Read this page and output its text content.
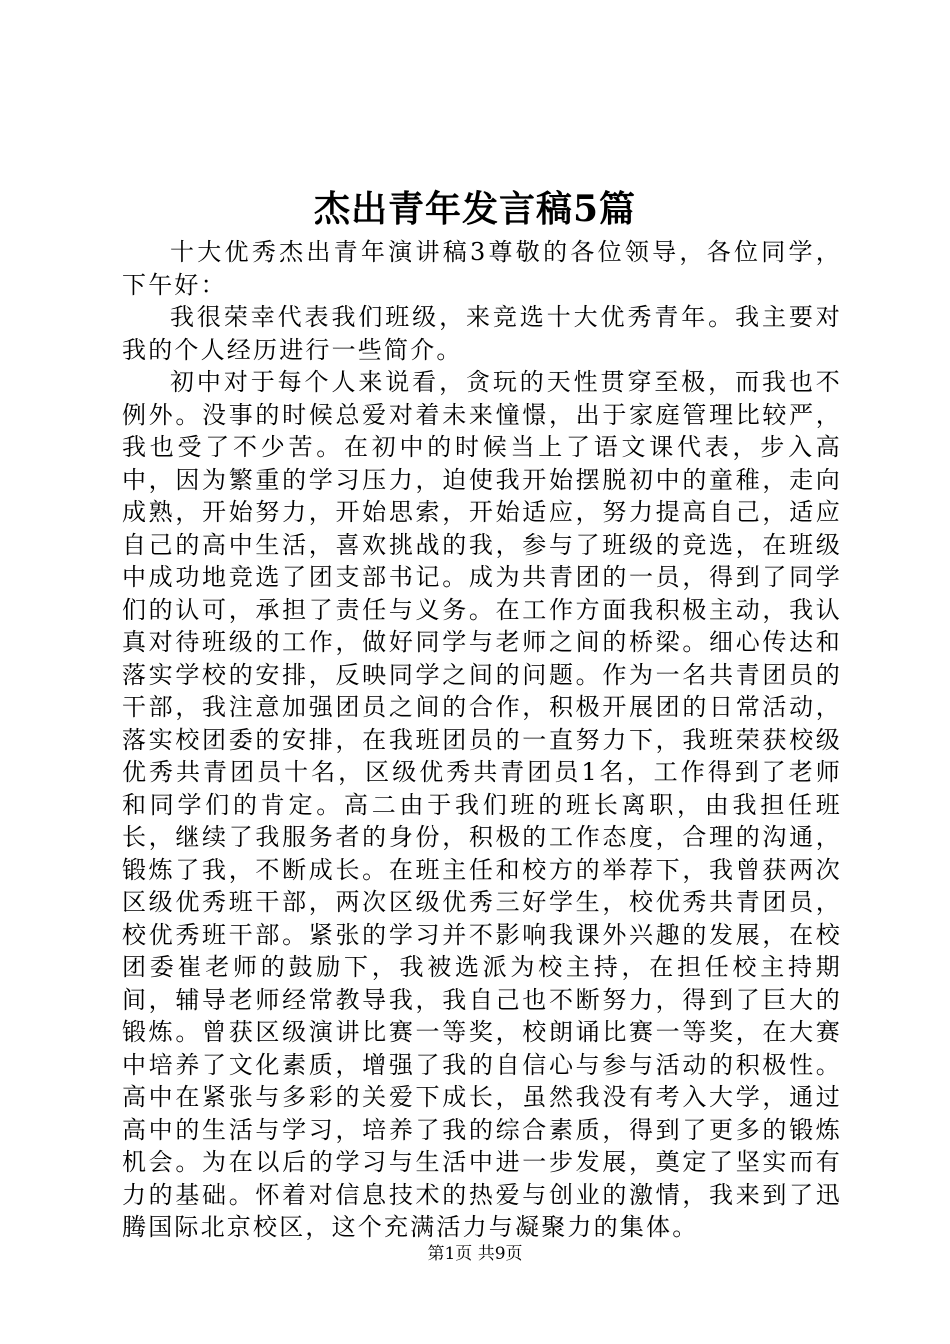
杰出青年发言稿5篇

十大优秀杰出青年演讲稿3尊敬的各位领导，各位同学，下午好：

我很荣幸代表我们班级，来竞选十大优秀青年。我主要对我的个人经历进行一些简介。

初中对于每个人来说看，贪玩的天性贯穿至极，而我也不例外。没事的时候总爱对着未来憧憬，出于家庭管理比较严，我也受了不少苦。在初中的时候当上了语文课代表，步入高中，因为繁重的学习压力，迫使我开始摆脱初中的童稚，走向成熟，开始努力，开始思索，开始适应，努力提高自己，适应自己的高中生活，喜欢挑战的我，参与了班级的竞选，在班级中成功地竞选了团支部书记。成为共青团的一员，得到了同学们的认可，承担了责任与义务。在工作方面我积极主动，我认真对待班级的工作，做好同学与老师之间的桥梁。细心传达和落实学校的安排，反映同学之间的问题。作为一名共青团员的干部，我注意加强团员之间的合作，积极开展团的日常活动，落实校团委的安排，在我班团员的一直努力下，我班荣获校级优秀共青团员十名，区级优秀共青团员1名，工作得到了老师和同学们的肯定。高二由于我们班的班长离职，由我担任班长，继续了我服务者的身份，积极的工作态度，合理的沟通，锻炼了我，不断成长。在班主任和校方的举荐下，我曾获两次区级优秀班干部，两次区级优秀三好学生，校优秀共青团员，校优秀班干部。紧张的学习并不影响我课外兴趣的发展，在校团委崔老师的鼓励下，我被选派为校主持，在担任校主持期间，辅导老师经常教导我，我自己也不断努力，得到了巨大的锻炼。曾获区级演讲比赛一等奖，校朗诵比赛一等奖，在大赛中培养了文化素质，增强了我的自信心与参与活动的积极性。高中在紧张与多彩的关爱下成长，虽然我没有考入大学，通过高中的生活与学习，培养了我的综合素质，得到了更多的锻炼机会。为在以后的学习与生活中进一步发展，奠定了坚实而有力的基础。怀着对信息技术的热爱与创业的激情，我来到了迅腾国际北京校区，这个充满活力与凝聚力的集体。

第1页 共9页
